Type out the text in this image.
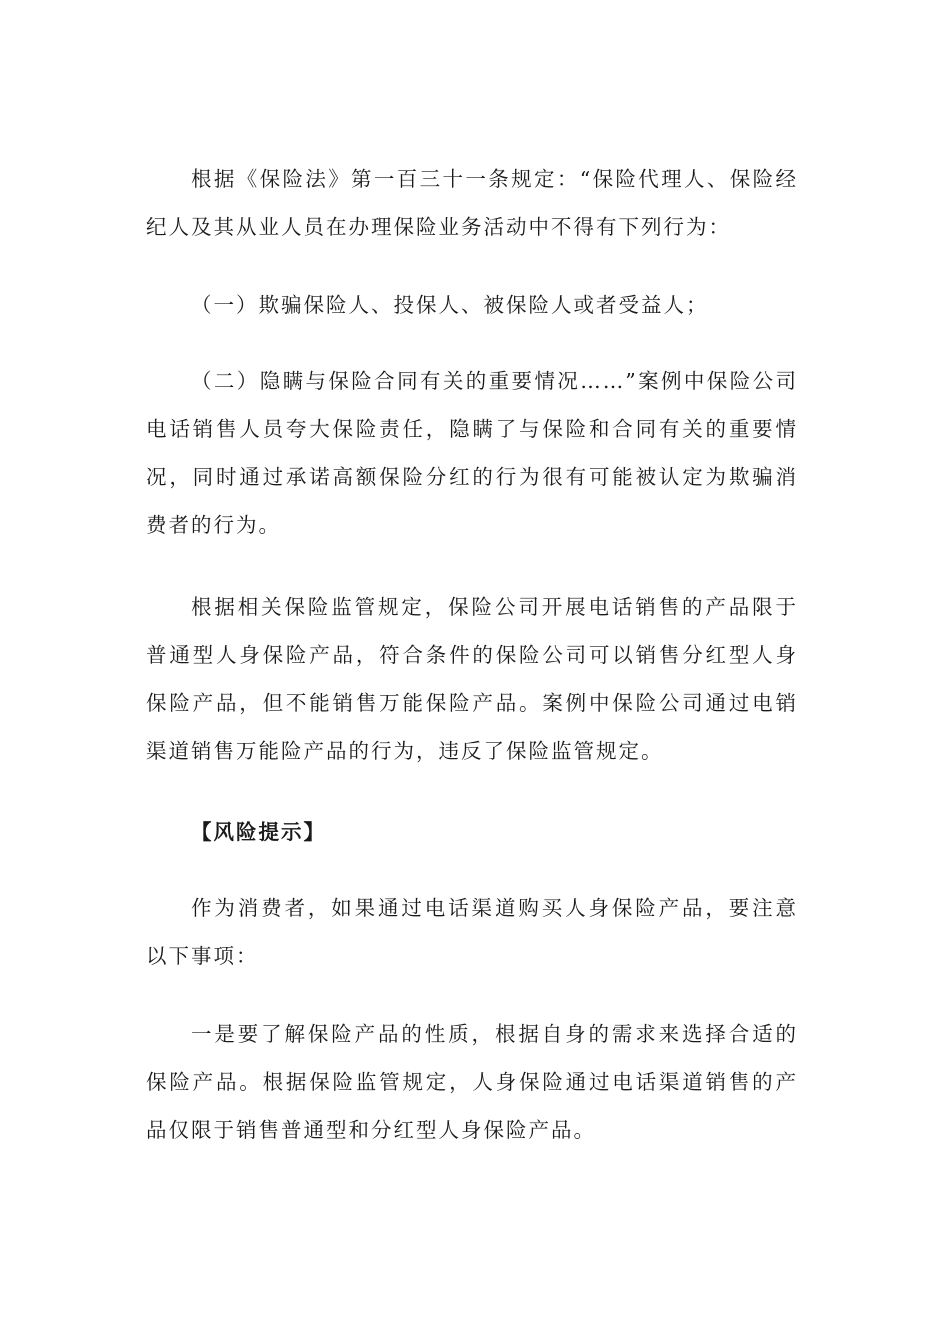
根据《保险法》第一百三十一条规定：“保险代理人、保险经纪人及其从业人员在办理保险业务活动中不得有下列行为：

（一）欺骗保险人、投保人、被保险人或者受益人；

（二）隐瞒与保险合同有关的重要情况……”案例中保险公司电话销售人员夸大保险责任，隐瞒了与保险和合同有关的重要情况，同时通过承诺高额保险分红的行为很有可能被认定为欺骗消费者的行为。

根据相关保险监管规定，保险公司开展电话销售的产品限于普通型人身保险产品，符合条件的保险公司可以销售分红型人身保险产品，但不能销售万能保险产品。案例中保险公司通过电销渠道销售万能险产品的行为，违反了保险监管规定。

【风险提示】

作为消费者，如果通过电话渠道购买人身保险产品，要注意以下事项：

一是要了解保险产品的性质，根据自身的需求来选择合适的保险产品。根据保险监管规定，人身保险通过电话渠道销售的产品仅限于销售普通型和分红型人身保险产品。
